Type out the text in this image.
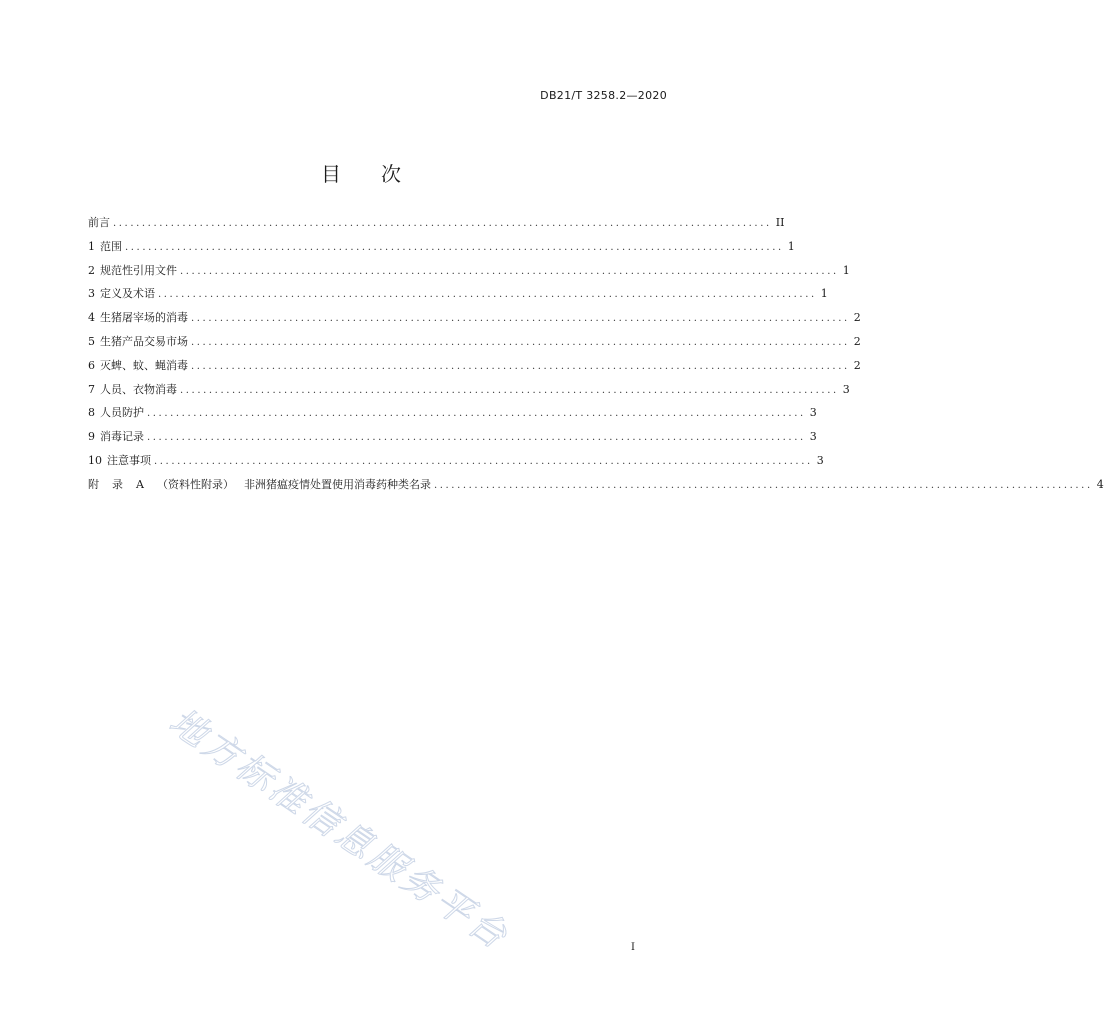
DB21/T 3258.2—2020
目 次
前言 .................................................................................................................. II
1 范围 .................................................................................................................. 1
2 规范性引用文件 .................................................................................................................. 1
3 定义及术语 .................................................................................................................. 1
4 生猪屠宰场的消毒 .................................................................................................................. 2
5 生猪产品交易市场 .................................................................................................................. 2
6 灭蜱、蚊、蝇消毒 .................................................................................................................. 2
7 人员、衣物消毒 .................................................................................................................. 3
8 人员防护 .................................................................................................................. 3
9 消毒记录 .................................................................................................................. 3
10 注意事项 .................................................................................................................. 3
附 录 A （资料性附录） 非洲猪瘟疫情处置使用消毒药种类名录 .................................................................................................................. 4
地方标准信息服务平台	I
